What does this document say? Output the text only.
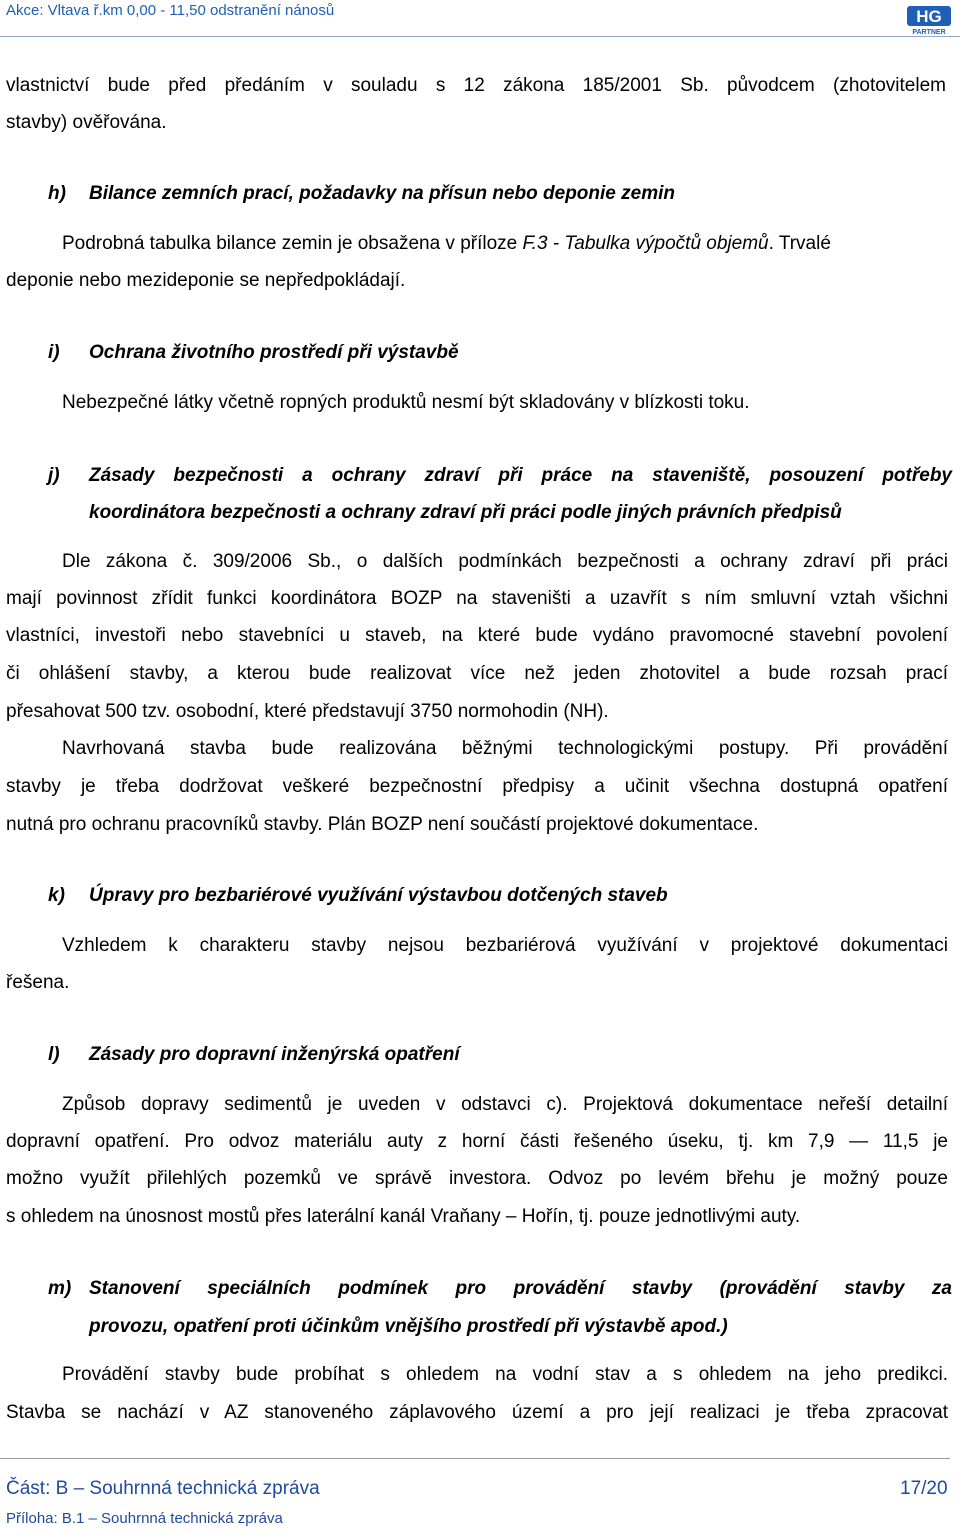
Akce: Vltava ř.km 0,00 - 11,50 odstranění nánosů	HG
PARTNER
vlastnictví bude před předáním v souladu s 12 zákona 185/2001 Sb. původcem (zhotovitelem
stavby) ověřována.
h) Bilance zemních prací, požadavky na přísun nebo deponie zemin
Podrobná tabulka bilance zemin je obsažena v příloze F.3 - Tabulka výpočtů objemů. Trvalé
deponie nebo mezideponie se nepředpokládají.
i) Ochrana životního prostředí při výstavbě
Nebezpečné látky včetně ropných produktů nesmí být skladovány v blízkosti toku.
j) Zásady bezpečnosti a ochrany zdraví při práce na staveniště, posouzení potřeby
koordinátora bezpečnosti a ochrany zdraví při práci podle jiných právních předpisů
Dle zákona č. 309/2006 Sb., o dalších podmínkách bezpečnosti a ochrany zdraví při práci
mají povinnost zřídit funkci koordinátora BOZP na staveništi a uzavřít s ním smluvní vztah všichni
vlastníci, investoři nebo stavebníci u staveb, na které bude vydáno pravomocné stavební povolení
či ohlášení stavby, a kterou bude realizovat více než jeden zhotovitel a bude rozsah prací
přesahovat 500 tzv. osobodní, které představují 3750 normohodin (NH).
Navrhovaná stavba bude realizována běžnými technologickými postupy. Při provádění
stavby je třeba dodržovat veškeré bezpečnostní předpisy a učinit všechna dostupná opatření
nutná pro ochranu pracovníků stavby. Plán BOZP není součástí projektové dokumentace.
k) Úpravy pro bezbariérové využívání výstavbou dotčených staveb
Vzhledem k charakteru stavby nejsou bezbariérová využívání v projektové dokumentaci
řešena.
l) Zásady pro dopravní inženýrská opatření
Způsob dopravy sedimentů je uveden v odstavci c). Projektová dokumentace neřeší detailní
dopravní opatření. Pro odvoz materiálu auty z horní části řešeného úseku, tj. km 7,9 — 11,5 je
možno využít přilehlých pozemků ve správě investora. Odvoz po levém břehu je možný pouze
s ohledem na únosnost mostů přes laterální kanál Vraňany – Hořín, tj. pouze jednotlivými auty.
m) Stanovení speciálních podmínek pro provádění stavby (provádění stavby za
provozu, opatření proti účinkům vnějšího prostředí při výstavbě apod.)
Provádění stavby bude probíhat s ohledem na vodní stav a s ohledem na jeho predikci.
Stavba se nachází v AZ stanoveného záplavového území a pro její realizaci je třeba zpracovat
Část: B – Souhrnná technická zpráva	17/20
Příloha: B.1 – Souhrnná technická zpráva
